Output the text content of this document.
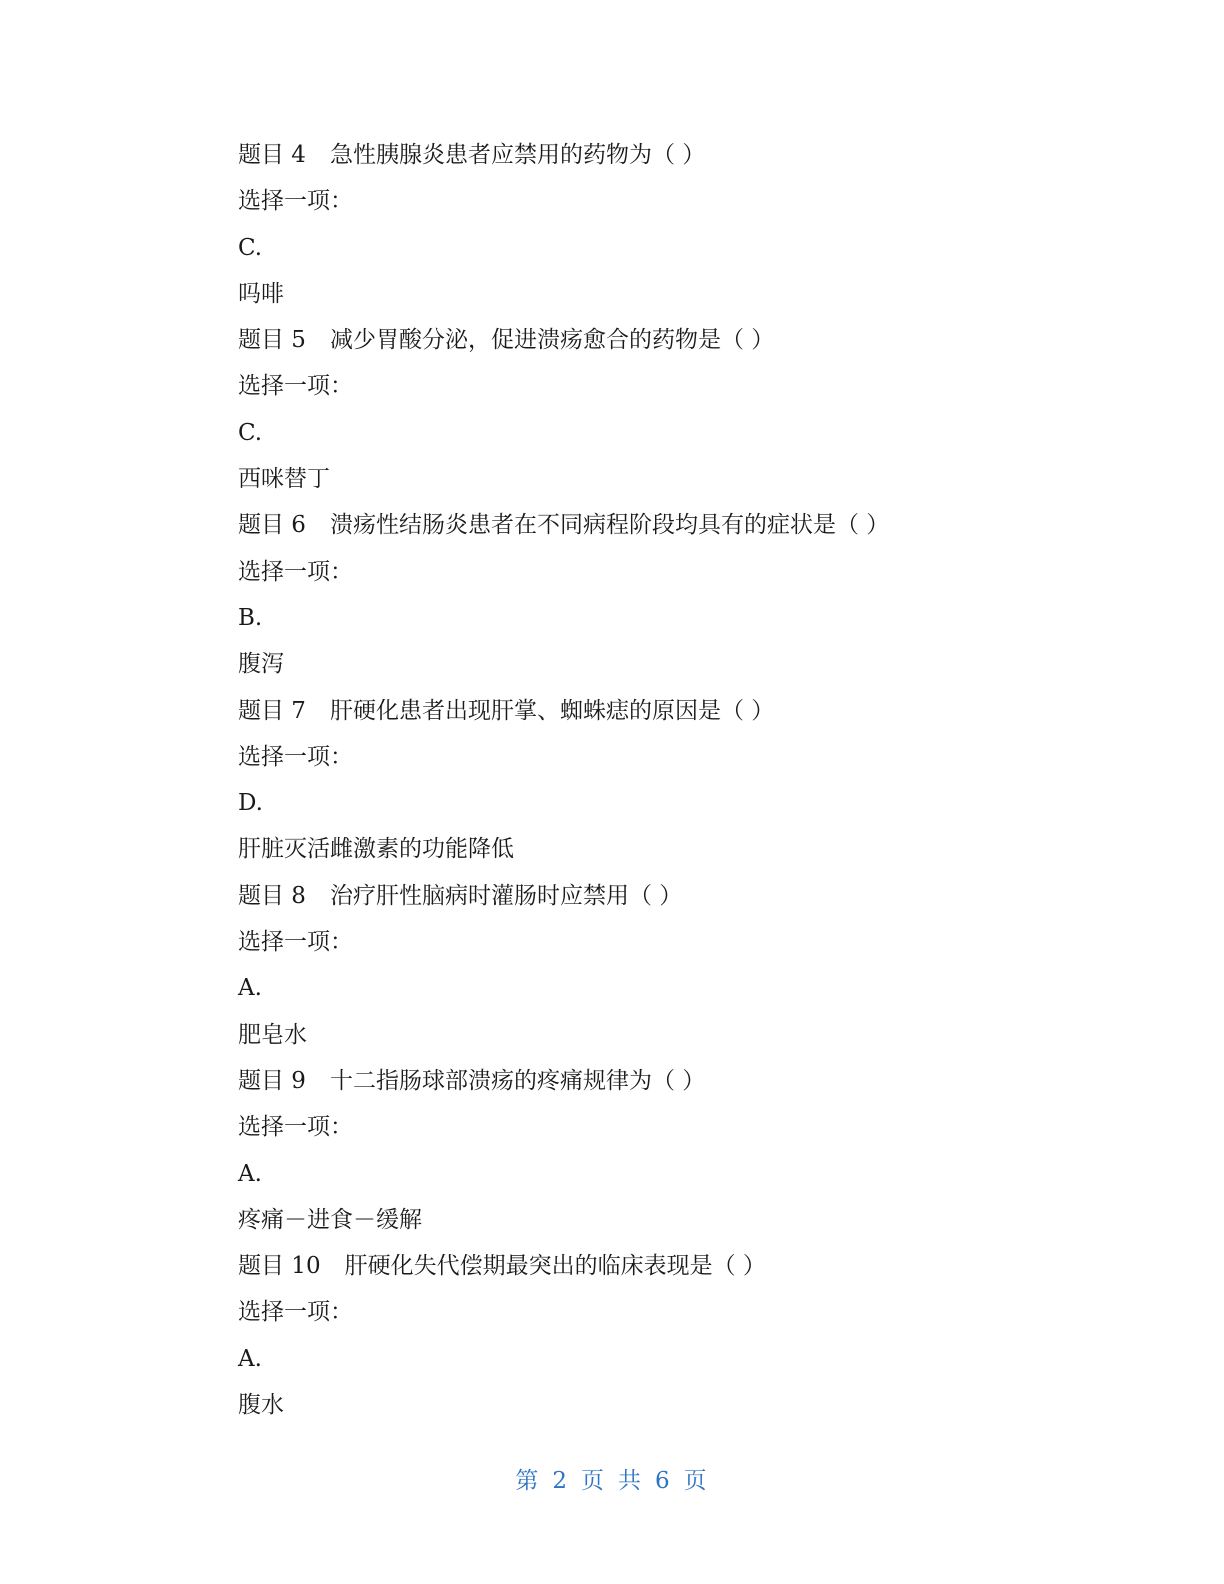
题目 4 急性胰腺炎患者应禁用的药物为（ ）
选择一项：
C.
吗啡
题目 5 减少胃酸分泌，促进溃疡愈合的药物是（ ）
选择一项：
C.
西咪替丁
题目 6 溃疡性结肠炎患者在不同病程阶段均具有的症状是（ ）
选择一项：
B.
腹泻
题目 7 肝硬化患者出现肝掌、蜘蛛痣的原因是（ ）
选择一项：
D.
肝脏灭活雌激素的功能降低
题目 8 治疗肝性脑病时灌肠时应禁用（ ）
选择一项：
A.
肥皂水
题目 9 十二指肠球部溃疡的疼痛规律为（ ）
选择一项：
A.
疼痛－进食－缓解
题目 10 肝硬化失代偿期最突出的临床表现是（ ）
选择一项：
A.
腹水
第 2 页 共 6 页
